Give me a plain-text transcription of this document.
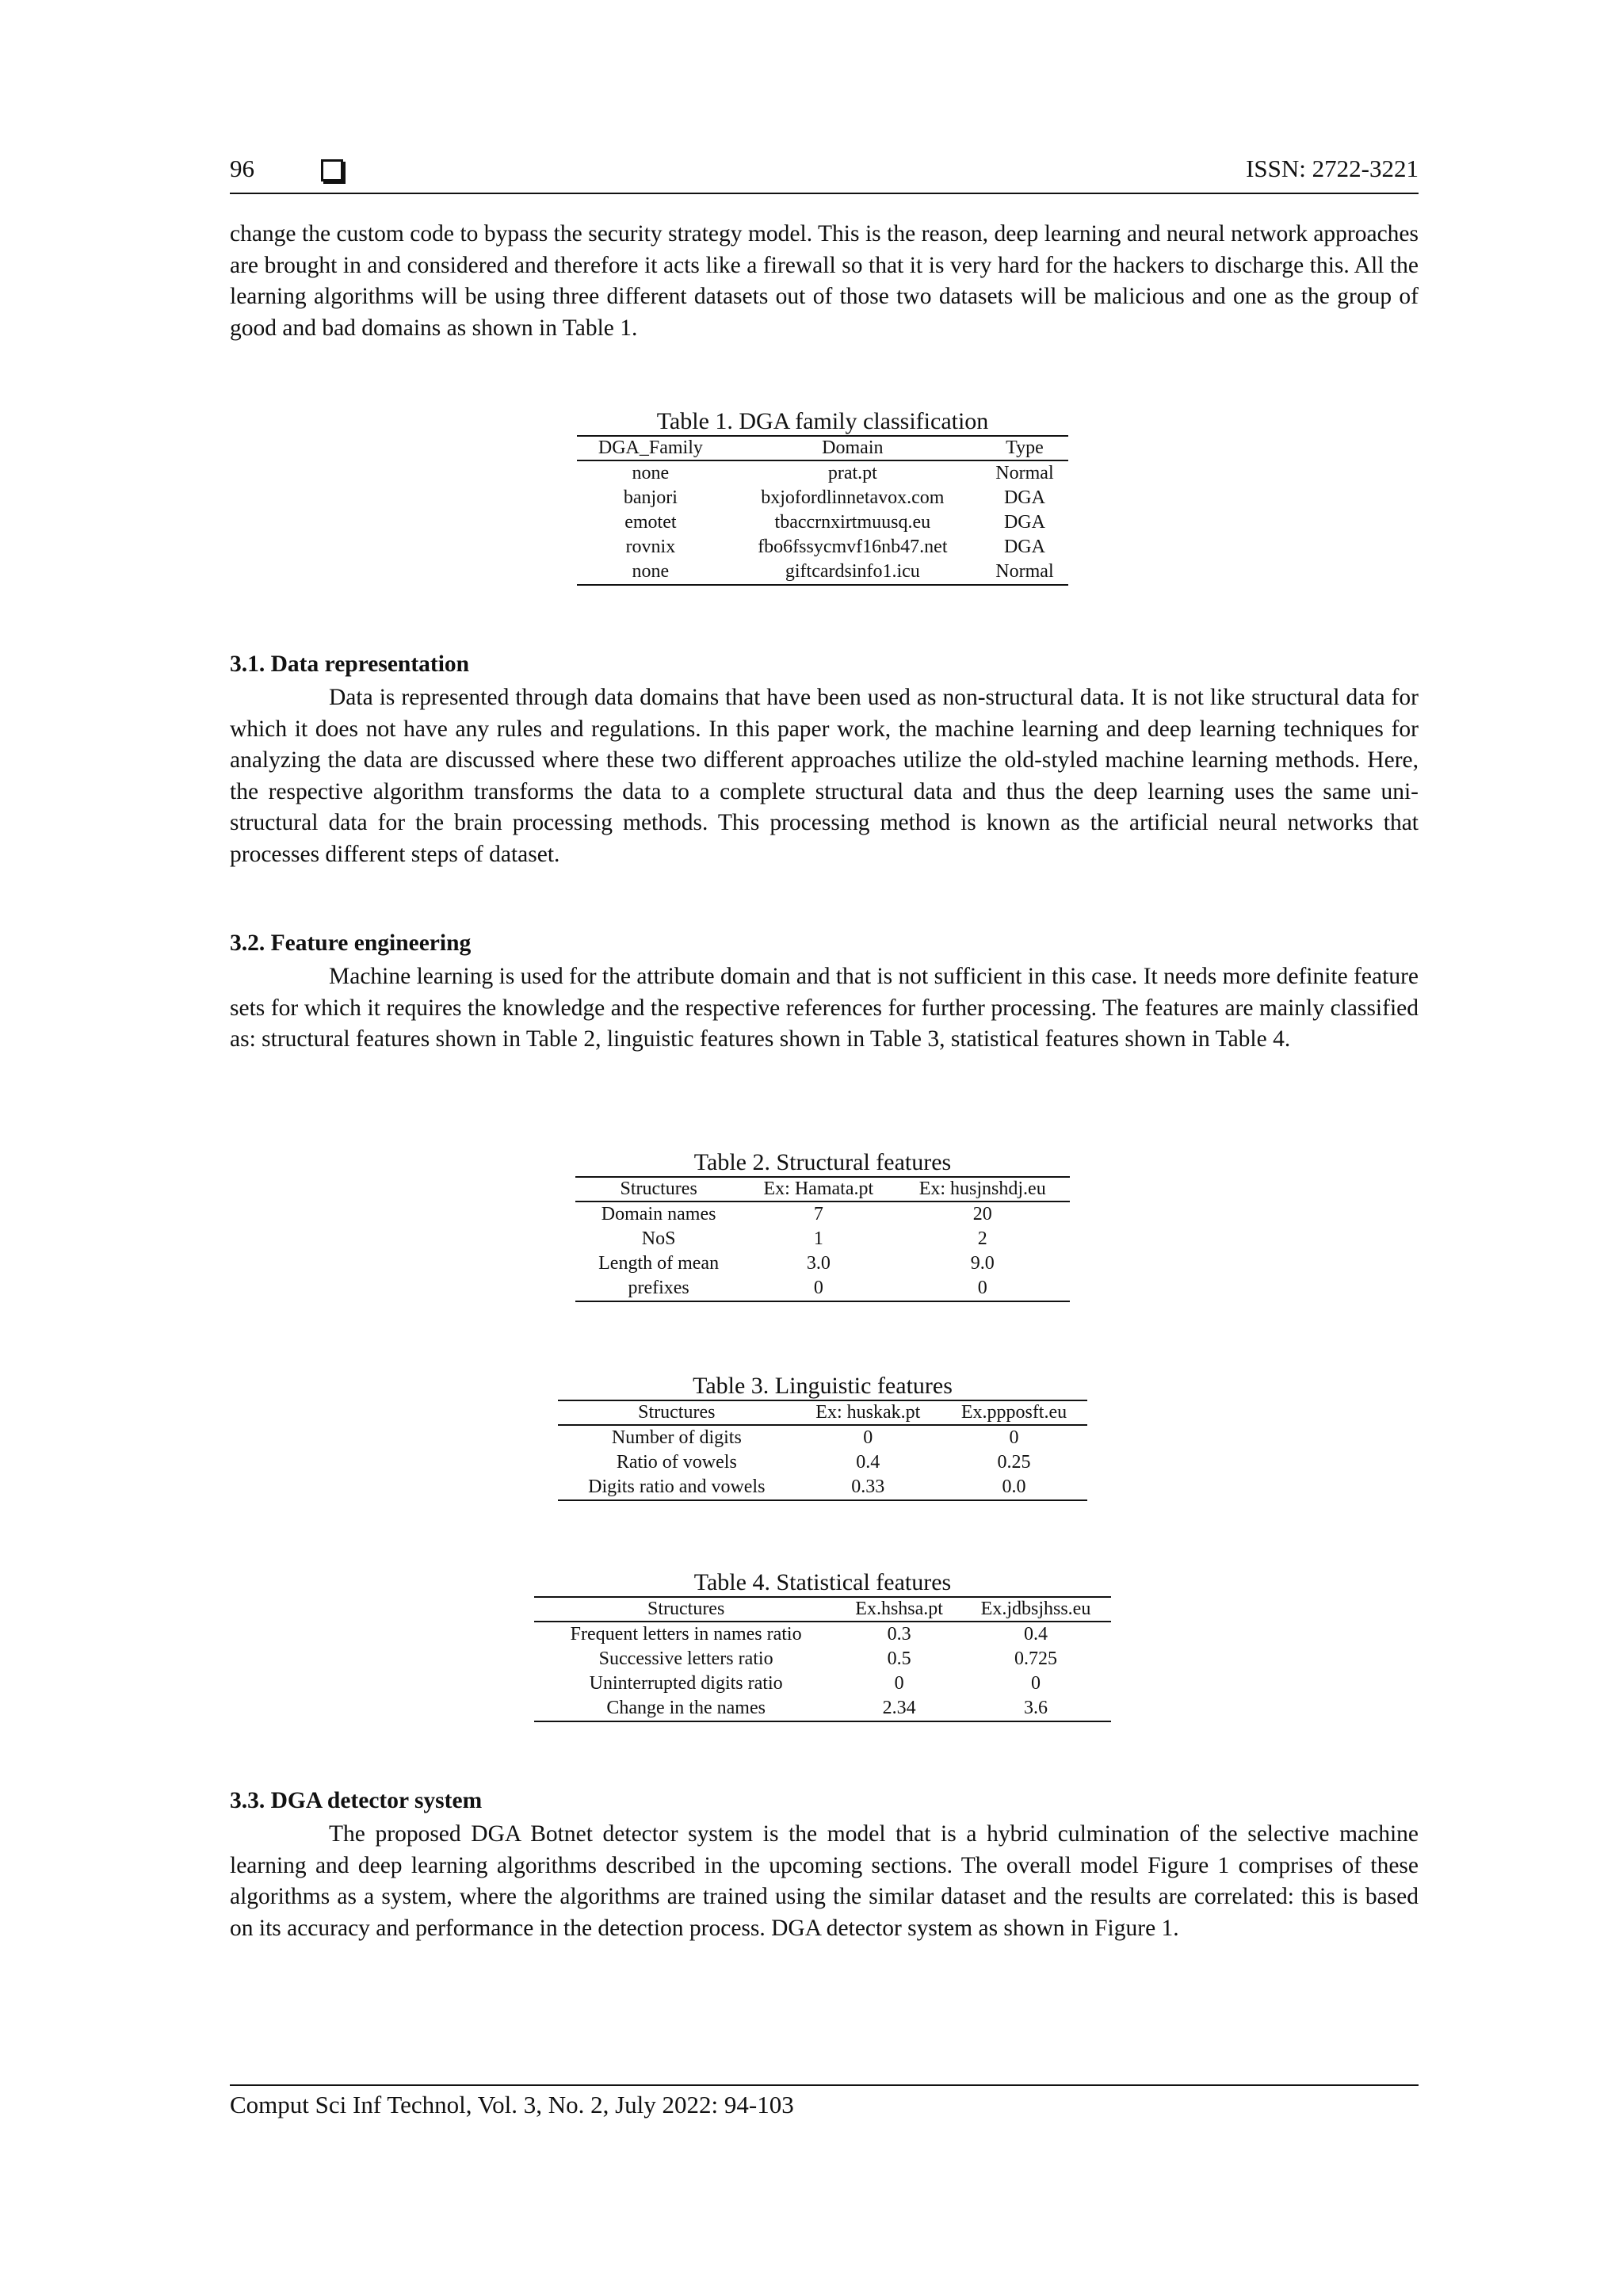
96	ISSN: 2722-3221

change the custom code to bypass the security strategy model. This is the reason, deep learning and neural network approaches are brought in and considered and therefore it acts like a firewall so that it is very hard for the hackers to discharge this. All the learning algorithms will be using three different datasets out of those two datasets will be malicious and one as the group of good and bad domains as shown in Table 1.

Table 1. DGA family classification
DGA_Family	Domain	Type
none	prat.pt	Normal
banjori	bxjofordlinnetavox.com	DGA
emotet	tbaccrnxirtmuusq.eu	DGA
rovnix	fbo6fssycmvf16nb47.net	DGA
none	giftcardsinfo1.icu	Normal

3.1. Data representation

Data is represented through data domains that have been used as non-structural data. It is not like structural data for which it does not have any rules and regulations. In this paper work, the machine learning and deep learning techniques for analyzing the data are discussed where these two different approaches utilize the old-styled machine learning methods. Here, the respective algorithm transforms the data to a complete structural data and thus the deep learning uses the same uni-structural data for the brain processing methods. This processing method is known as the artificial neural networks that processes different steps of dataset.

3.2. Feature engineering

Machine learning is used for the attribute domain and that is not sufficient in this case. It needs more definite feature sets for which it requires the knowledge and the respective references for further processing. The features are mainly classified as: structural features shown in Table 2, linguistic features shown in Table 3, statistical features shown in Table 4.

Table 2. Structural features
Structures	Ex: Hamata.pt	Ex: husjnshdj.eu
Domain names	7	20
NoS	1	2
Length of mean	3.0	9.0
prefixes	0	0
Table 3. Linguistic features
Structures	Ex: huskak.pt	Ex.ppposft.eu
Number of digits	0	0
Ratio of vowels	0.4	0.25
Digits ratio and vowels	0.33	0.0
Table 4. Statistical features
Structures	Ex.hshsa.pt	Ex.jdbsjhss.eu
Frequent letters in names ratio	0.3	0.4
Successive letters ratio	0.5	0.725
Uninterrupted digits ratio	0	0
Change in the names	2.34	3.6

3.3. DGA detector system

The proposed DGA Botnet detector system is the model that is a hybrid culmination of the selective machine learning and deep learning algorithms described in the upcoming sections. The overall model Figure 1 comprises of these algorithms as a system, where the algorithms are trained using the similar dataset and the results are correlated: this is based on its accuracy and performance in the detection process. DGA detector system as shown in Figure 1.

Comput Sci Inf Technol, Vol. 3, No. 2, July 2022: 94-103
